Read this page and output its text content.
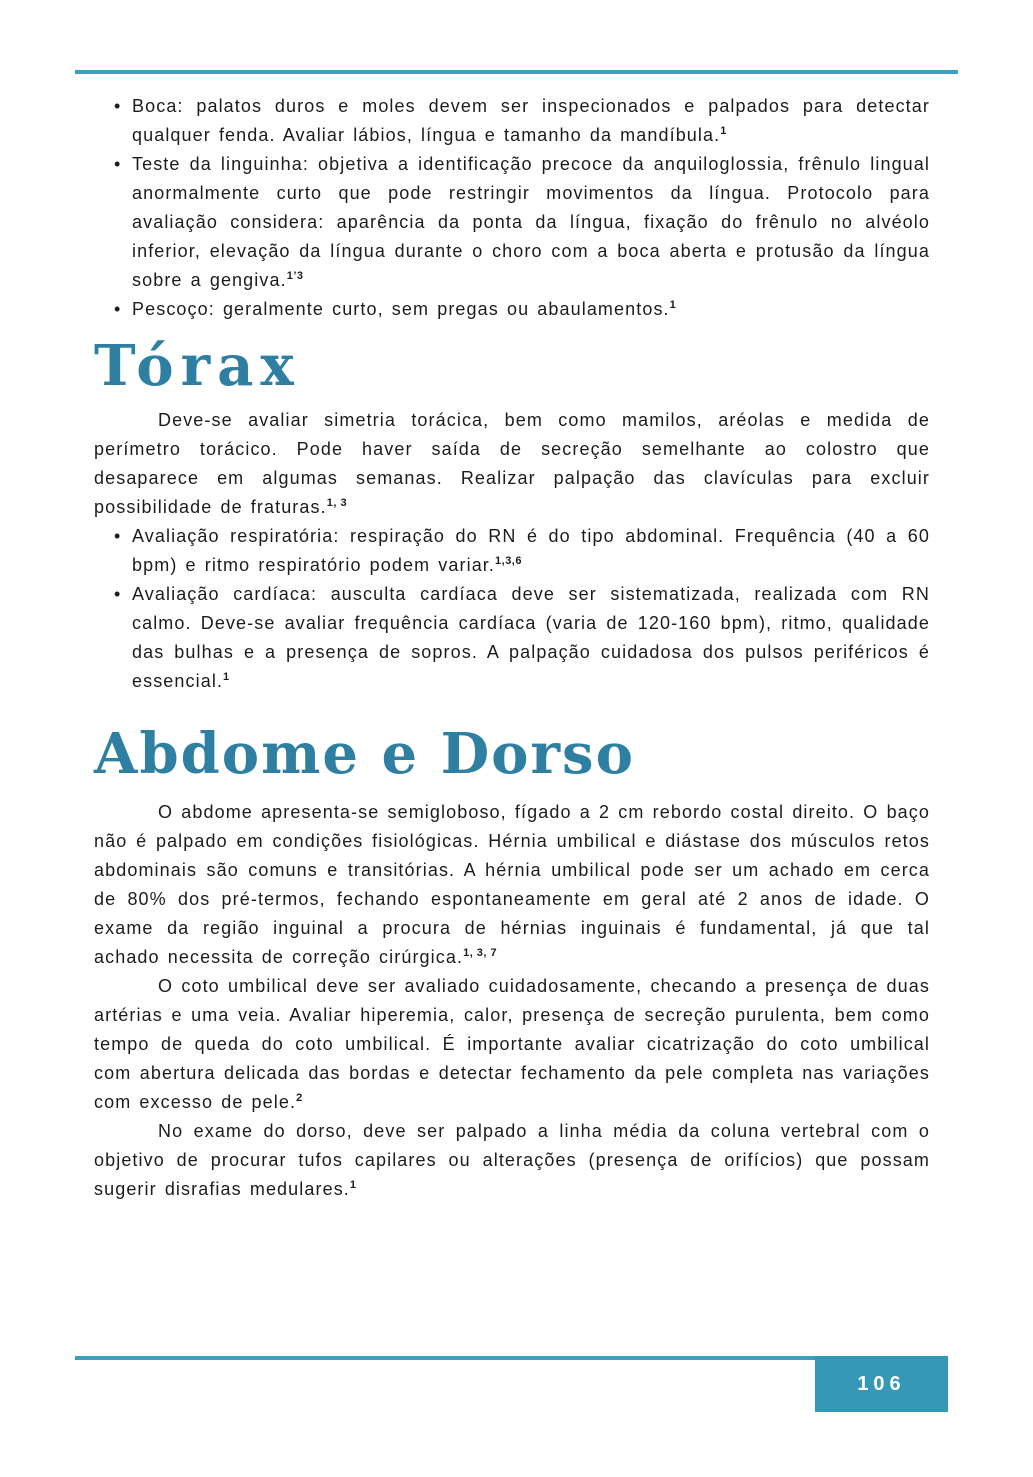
• Boca: palatos duros e moles devem ser inspecionados e palpados para detectar qualquer fenda. Avaliar lábios, língua e tamanho da mandíbula.$^1$
• Teste da linguinha: objetiva a identificação precoce da anquiloglossia, frênulo lingual anormalmente curto que pode restringir movimentos da língua. Protocolo para avaliação considera: aparência da ponta da língua, fixação do frênulo no alvéolo inferior, elevação da língua durante o choro com a boca aberta e protusão da língua sobre a gengiva.$^{1’3}$
• Pescoço: geralmente curto, sem pregas ou abaulamentos.$^1$
Tórax

Deve-se avaliar simetria torácica, bem como mamilos, aréolas e medida de perímetro torácico. Pode haver saída de secreção semelhante ao colostro que desaparece em algumas semanas. Realizar palpação das clavículas para excluir possibilidade de fraturas.$^{1, 3}$

• Avaliação respiratória: respiração do RN é do tipo abdominal. Frequência (40 a 60 bpm) e ritmo respiratório podem variar.$^{1,3,6}$
• Avaliação cardíaca: ausculta cardíaca deve ser sistematizada, realizada com RN calmo. Deve-se avaliar frequência cardíaca (varia de 120-160 bpm), ritmo, qualidade das bulhas e a presença de sopros. A palpação cuidadosa dos pulsos periféricos é essencial.$^1$
Abdome e Dorso

O abdome apresenta-se semigloboso, fígado a 2 cm rebordo costal direito. O baço não é palpado em condições fisiológicas. Hérnia umbilical e diástase dos músculos retos abdominais são comuns e transitórias. A hérnia umbilical pode ser um achado em cerca de 80% dos pré-termos, fechando espontaneamente em geral até 2 anos de idade. O exame da região inguinal a procura de hérnias inguinais é fundamental, já que tal achado necessita de correção cirúrgica.$^{1, 3, 7}$

O coto umbilical deve ser avaliado cuidadosamente, checando a presença de duas artérias e uma veia. Avaliar hiperemia, calor, presença de secreção purulenta, bem como tempo de queda do coto umbilical. É importante avaliar cicatrização do coto umbilical com abertura delicada das bordas e detectar fechamento da pele completa nas variações com excesso de pele.$^2$

No exame do dorso, deve ser palpado a linha média da coluna vertebral com o objetivo de procurar tufos capilares ou alterações (presença de orifícios) que possam sugerir disrafias medulares.$^1$

106
